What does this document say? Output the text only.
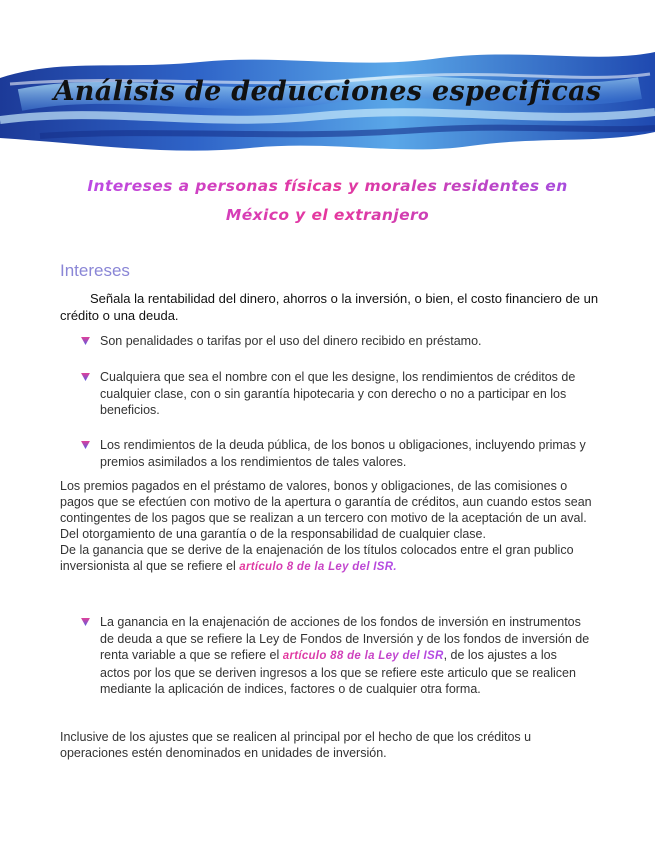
Análisis de deducciones especificas
Intereses a personas físicas y morales residentes en México y el extranjero
Intereses

Señala la rentabilidad del dinero, ahorros o la inversión, o bien, el costo financiero de un crédito o una deuda.

Son penalidades o tarifas por el uso del dinero recibido en préstamo.
Cualquiera que sea el nombre con el que les designe, los rendimientos de créditos de cualquier clase, con o sin garantía hipotecaria y con derecho o no a participar en los beneficios.
Los rendimientos de la deuda pública, de los bonos u obligaciones, incluyendo primas y premios asimilados a los rendimientos de tales valores.

Los premios pagados en el préstamo de valores, bonos y obligaciones, de las comisiones o pagos que se efectúen con motivo de la apertura o garantía de créditos, aun cuando estos sean contingentes de los pagos que se realizan a un tercero con motivo de la aceptación de un aval.

Del otorgamiento de una garantía o de la responsabilidad de cualquier clase.

De la ganancia que se derive de la enajenación de los títulos colocados entre el gran publico inversionista al que se refiere el artículo 8 de la Ley del ISR.

La ganancia en la enajenación de acciones de los fondos de inversión en instrumentos de deuda a que se refiere la Ley de Fondos de Inversión y de los fondos de inversión de renta variable a que se refiere el artículo 88 de la Ley del ISR, de los ajustes a los actos por los que se deriven ingresos a los que se refiere este articulo que se realicen mediante la aplicación de indices, factores o de cualquier otra forma.

Inclusive de los ajustes que se realicen al principal por el hecho de que los créditos u operaciones estén denominados en unidades de inversión.
